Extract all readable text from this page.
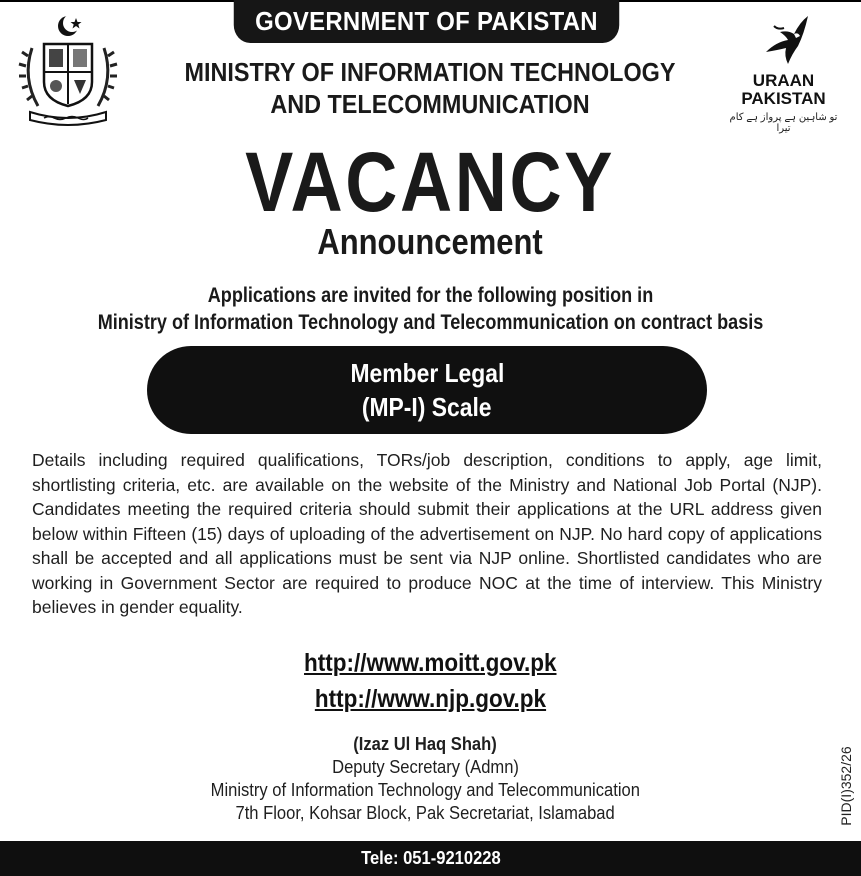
GOVERNMENT OF PAKISTAN
MINISTRY OF INFORMATION TECHNOLOGY
AND TELECOMMUNICATION
URAAN
PAKISTAN
تو شاہین ہے پرواز ہے کام تیرا
VACANCY
Announcement
Applications are invited for the following position in
Ministry of Information Technology and Telecommunication on contract basis
Member Legal
(MP-I) Scale
Details including required qualifications, TORs/job description, conditions to apply, age limit, shortlisting criteria, etc. are available on the website of the Ministry and National Job Portal (NJP). Candidates meeting the required criteria should submit their applications at the URL address given below within Fifteen (15) days of uploading of the advertisement on NJP. No hard copy of applications shall be accepted and all applications must be sent via NJP online. Shortlisted candidates who are working in Government Sector are required to produce NOC at the time of interview. This Ministry believes in gender equality.
http://www.moitt.gov.pk
http://www.njp.gov.pk
(Izaz Ul Haq Shah)
Deputy Secretary (Admn)
Ministry of Information Technology and Telecommunication
7th Floor, Kohsar Block, Pak Secretariat, Islamabad	PID(I)352/26
Tele: 051-9210228
